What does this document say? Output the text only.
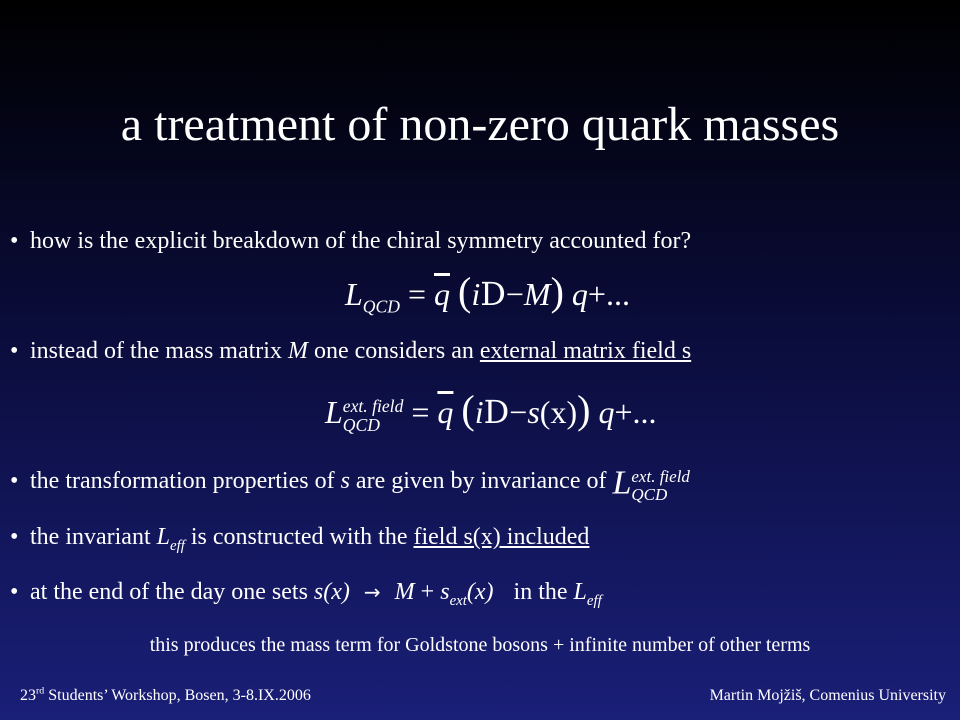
a treatment of non-zero quark masses
• how is the explicit breakdown of the chiral symmetry accounted for?
$L_{QCD} = \overline{q}$ (iD−M) q+...
• instead of the mass matrix M one considers an external matrix field s
L ext. field
QCD = $\overline{q}$ (iD−s(x)) q+...
• the transformation properties of s are given by invariance of L ext. field
QCD
• the invariant $L_{eff}$ is constructed with the field s(x) included
• at the end of the day one sets $s(x) \to M + s_{ext}(x)$ in the $L_{eff}$
this produces the mass term for Goldstone bosons + infinite number of other terms
23rd Students’ Workshop, Bosen, 3-8.IX.2006	Martin Mojžiš, Comenius University
